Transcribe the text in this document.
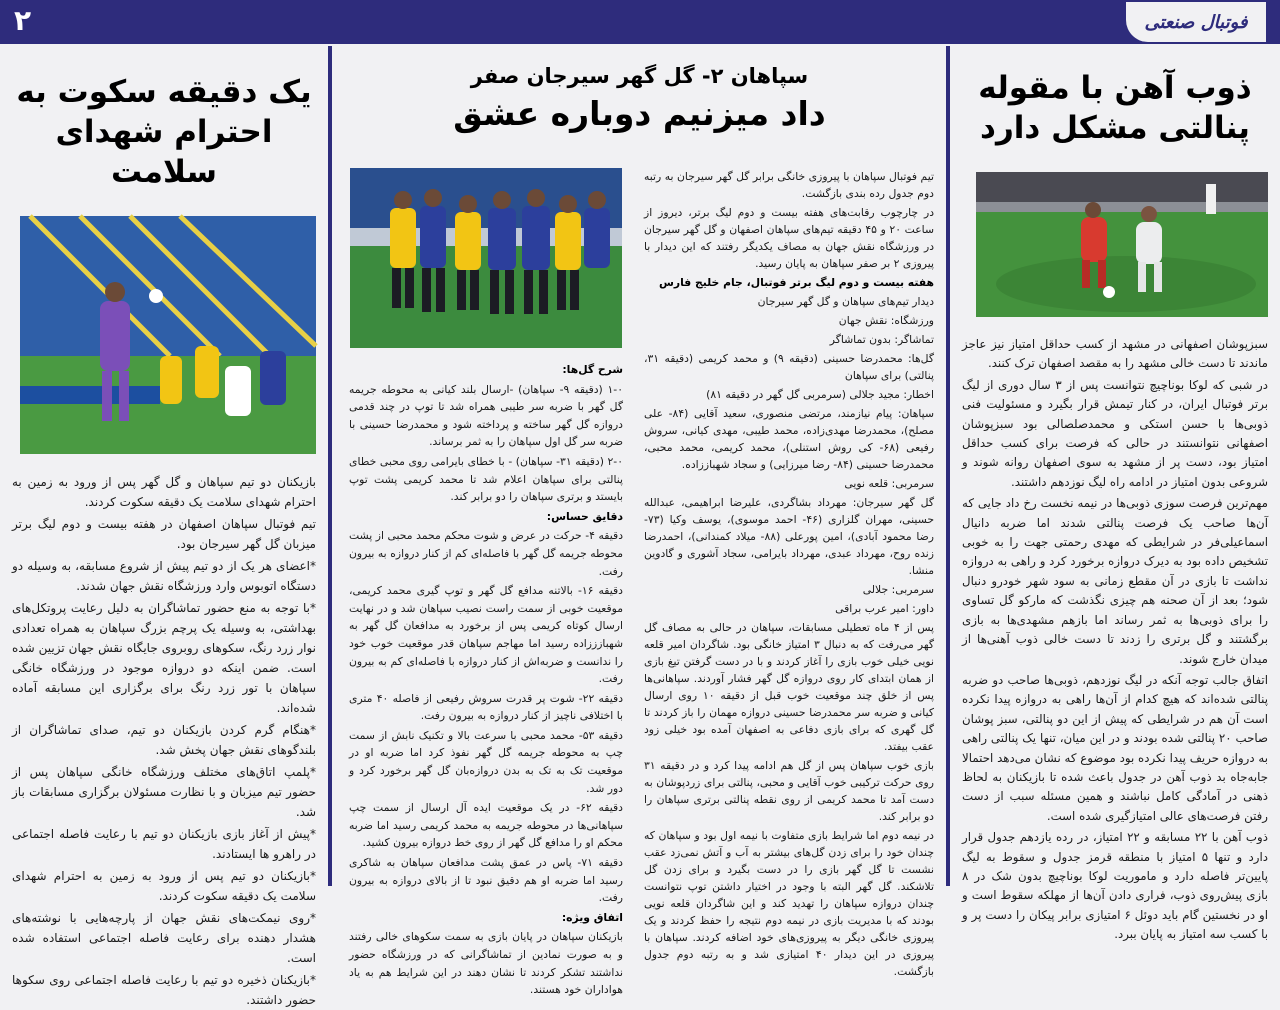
۲	فوتبال صنعتی
ذوب آهن با مقوله پنالتی مشکل دارد

سبزپوشان اصفهانی در مشهد از کسب حداقل امتیاز نیز عاجز ماندند تا دست خالی مشهد را به مقصد اصفهان ترک کنند.

در شبی که لوکا بوناچیچ نتوانست پس از ۳ سال دوری از لیگ برتر فوتبال ایران، در کنار تیمش قرار بگیرد و مسئولیت فنی ذوبی‌ها با حسن استکی و محمدصلصالی بود سبزپوشان اصفهانی نتوانستند در حالی که فرصت برای کسب حداقل امتیاز بود، دست پر از مشهد به سوی اصفهان روانه شوند و شروعی بدون امتیاز در ادامه راه لیگ نوزدهم داشتند.

مهم‌ترین فرصت سوزی ذوبی‌ها در نیمه نخست رخ داد جایی که آن‌ها صاحب یک فرصت پنالتی شدند اما ضربه دانیال اسماعیلی‌فر در شرایطی که مهدی رحمتی جهت را به خوبی تشخیص داده بود به دیرک دروازه برخورد کرد و راهی به دروازه نداشت تا بازی در آن مقطع زمانی به سود شهر خودرو دنبال شود؛ بعد از آن صحنه هم چیزی نگذشت که مارکو گل تساوی را برای ذوبی‌ها به ثمر رساند اما بازهم مشهدی‌ها به بازی برگشتند و گل برتری را زدند تا دست خالی ذوب آهنی‌ها از میدان خارج شوند.

اتفاق جالب توجه آنکه در لیگ نوزدهم، ذوبی‌ها صاحب دو ضربه پنالتی شده‌اند که هیچ کدام از آن‌ها راهی به دروازه پیدا نکرده است آن هم در شرایطی که پیش از این دو پنالتی، سبز پوشان صاحب ۲۰ پنالتی شده بودند و در این میان، تنها یک پنالتی راهی به دروازه حریف پیدا نکرده بود موضوع که نشان می‌دهد احتمالا جابه‌جاه بد ذوب آهن در جدول باعث شده تا بازیکنان به لحاظ ذهنی در آمادگی کامل نباشند و همین مسئله سبب از دست رفتن فرصت‌های عالی امتیازگیری شده است.

ذوب آهن با ۲۲ مسابقه و ۲۲ امتیاز، در رده یازدهم جدول قرار دارد و تنها ۵ امتیاز با منطقه قرمز جدول و سقوط به لیگ پایین‌تر فاصله دارد و ماموریت لوکا بوناچیچ بدون شک در ۸ بازی پیش‌روی ذوب، فراری دادن آن‌ها از مهلکه سقوط است و او در نخستین گام باید دوئل ۶ امتیازی برابر پیکان را دست پر و با کسب سه امتیاز به پایان ببرد.

سپاهان ۲- گل گهر سیرجان صفر
داد میزنیم دوباره عشق

تیم فوتبال سپاهان با پیروزی خانگی برابر گل گهر سیرجان به رتبه دوم جدول رده بندی بازگشت.

در چارچوب رقابت‌های هفته بیست و دوم لیگ برتر، دیروز از ساعت ۲۰ و ۴۵ دقیقه تیم‌های سپاهان اصفهان و گل گهر سیرجان در ورزشگاه نقش جهان به مصاف یکدیگر رفتند که این دیدار با پیروزی ۲ بر صفر سپاهان به پایان رسید.

هفته بیست و دوم لیگ برتر فوتبال، جام خلیج فارس

دیدار تیم‌های سپاهان و گل گهر سیرجان

ورزشگاه: نقش جهان

تماشاگر: بدون تماشاگر

گل‌ها: محمدرضا حسینی (دقیقه ۹) و محمد کریمی (دقیقه ۳۱، پنالتی) برای سپاهان

اخطار: مجید جلالی (سرمربی گل گهر در دقیقه ۸۱)

سپاهان: پیام نیازمند، مرتضی منصوری، سعید آقایی (۸۴- علی مصلح)، محمدرضا مهدی‌زاده، محمد طیبی، مهدی کیانی، سروش رفیعی (۶۸- کی روش استنلی)، محمد کریمی، محمد محبی، محمدرضا حسینی (۸۴- رضا میرزایی) و سجاد شهباززاده.

سرمربی: قلعه نویی

گل گهر سیرجان: مهرداد بشاگردی، علیرضا ابراهیمی، عبدالله حسینی، مهران گلزاری (۴۶- احمد موسوی)، یوسف وکیا (۷۳- رضا محمود آبادی)، امین پورعلی (۸۸- میلاد کمندانی)، احمدرضا زنده روح، مهرداد عبدی، مهرداد بایرامی، سجاد آشوری و گادوین منشا.

سرمربی: جلالی

داور: امیر عرب براقی

پس از ۴ ماه تعطیلی مسابقات، سپاهان در حالی به مصاف گل گهر می‌رفت که به دنبال ۳ امتیاز خانگی بود. شاگردان امیر قلعه نویی خیلی خوب بازی را آغاز کردند و با در دست گرفتن تیغ بازی از همان ابتدای کار روی دروازه گل گهر فشار آوردند. سپاهانی‌ها پس از خلق چند موقعیت خوب قبل از دقیقه ۱۰ روی ارسال کیانی و ضربه سر محمدرضا حسینی دروازه مهمان را باز کردند تا گل گهری که برای بازی دفاعی به اصفهان آمده بود خیلی زود عقب بیفتد.

بازی خوب سپاهان پس از گل هم ادامه پیدا کرد و در دقیقه ۳۱ روی حرکت ترکیبی خوب آقایی و محبی، پنالتی برای زردپوشان به دست آمد تا محمد کریمی از روی نقطه پنالتی برتری سپاهان را دو برابر کند.

در نیمه دوم اما شرایط بازی متفاوت با نیمه اول بود و سپاهان که چندان خود را برای زدن گل‌های بیشتر به آب و آتش نمی‌زد عقب نشست تا گل گهر بازی را در دست بگیرد و برای زدن گل تلاشکند. گل گهر البته با وجود در اختیار داشتن توپ نتوانست چندان دروازه سپاهان را تهدید کند و این شاگردان قلعه نویی بودند که با مدیریت بازی در نیمه دوم نتیجه را حفظ کردند و یک پیروزی خانگی دیگر به پیروزی‌های خود اضافه کردند. سپاهان با پیروزی در این دیدار ۴۰ امتیازی شد و به رتبه دوم جدول بازگشت.

شرح گل‌ها:

۱-۰ (دقیقه ۹- سپاهان) -ارسال بلند کیانی به محوطه جریمه گل گهر با ضربه سر طیبی همراه شد تا توپ در چند قدمی دروازه گل گهر ساخته و پرداخته شود و محمدرضا حسینی با ضربه سر گل اول سپاهان را به ثمر برساند.

۲-۰ (دقیقه ۳۱- سپاهان) - با خطای بایرامی روی محبی خطای پنالتی برای سپاهان اعلام شد تا محمد کریمی پشت توپ بایستد و برتری سپاهان را دو برابر کند.

دقایق حساس:

دقیقه ۴- حرکت در عرض و شوت محکم محمد محبی از پشت محوطه جریمه گل گهر با فاصله‌ای کم از کنار دروازه به بیرون رفت.

دقیقه ۱۶- بالاتنه مدافع گل گهر و توپ گیری محمد کریمی، موقعیت خوبی از سمت راست نصیب سپاهان شد و در نهایت ارسال کوتاه کریمی پس از برخورد به مدافعان گل گهر به شهبازززاده رسید اما مهاجم سپاهان قدر موقعیت خوب خود را ندانست و ضربه‌اش از کنار دروازه با فاصله‌ای کم به بیرون رفت.

دقیقه ۲۲- شوت پر قدرت سروش رفیعی از فاصله ۴۰ متری با اختلافی ناچیز از کنار دروازه به بیرون رفت.

دقیقه ۵۳- محمد محبی با سرعت بالا و تکنیک نابش از سمت چپ به محوطه جریمه گل گهر نفوذ کرد اما ضربه او در موقعیت تک به تک به بدن دروازه‌بان گل گهر برخورد کرد و دور شد.

دقیقه ۶۲- در یک موقعیت ایده آل ارسال از سمت چپ سپاهانی‌ها در محوطه جریمه به محمد کریمی رسید اما ضربه محکم او را مدافع گل گهر از روی خط دروازه بیرون کشید.

دقیقه ۷۱- پاس در عمق پشت مدافعان سپاهان به شاکری رسید اما ضربه او هم دقیق نبود تا از بالای دروازه به بیرون رفت.

اتفاق ویژه:

بازیکنان سپاهان در پایان بازی به سمت سکوهای خالی رفتند و به صورت نمادین از تماشاگرانی که در ورزشگاه حضور نداشتند تشکر کردند تا نشان دهند در این شرایط هم به یاد هواداران خود هستند.

یک دقیقه سکوت به احترام شهدای سلامت

بازیکنان دو تیم سپاهان و گل گهر پس از ورود به زمین به احترام شهدای سلامت یک دقیقه سکوت کردند.

تیم فوتبال سپاهان اصفهان در هفته بیست و دوم لیگ برتر میزبان گل گهر سیرجان بود.

*اعضای هر یک از دو تیم پیش از شروع مسابقه، به وسیله دو دستگاه اتوبوس وارد ورزشگاه نقش جهان شدند.

*با توجه به منع حضور تماشاگران به دلیل رعایت پروتکل‌های بهداشتی، به وسیله یک پرچم بزرگ سپاهان به همراه تعدادی نوار زرد رنگ، سکوهای روبروی جایگاه نقش جهان تزیین شده است. ضمن اینکه دو دروازه موجود در ورزشگاه خانگی سپاهان با تور زرد رنگ برای برگزاری این مسابقه آماده شده‌اند.

*هنگام گرم کردن بازیکنان دو تیم، صدای تماشاگران از بلندگوهای نقش جهان پخش شد.

*پلمپ اتاق‌های مختلف ورزشگاه خانگی سپاهان پس از حضور تیم میزبان و با نظارت مسئولان برگزاری مسابقات باز شد.

*پیش از آغاز بازی بازیکنان دو تیم با رعایت فاصله اجتماعی در راهرو ها ایستادند.

*بازیکنان دو تیم پس از ورود به زمین به احترام شهدای سلامت یک دقیقه سکوت کردند.

*روی نیمکت‌های نقش جهان از پارچه‌هایی با نوشته‌های هشدار دهنده برای رعایت فاصله اجتماعی استفاده شده است.

*بازیکنان ذخیره دو تیم با رعایت فاصله اجتماعی روی سکوها حضور داشتند.
